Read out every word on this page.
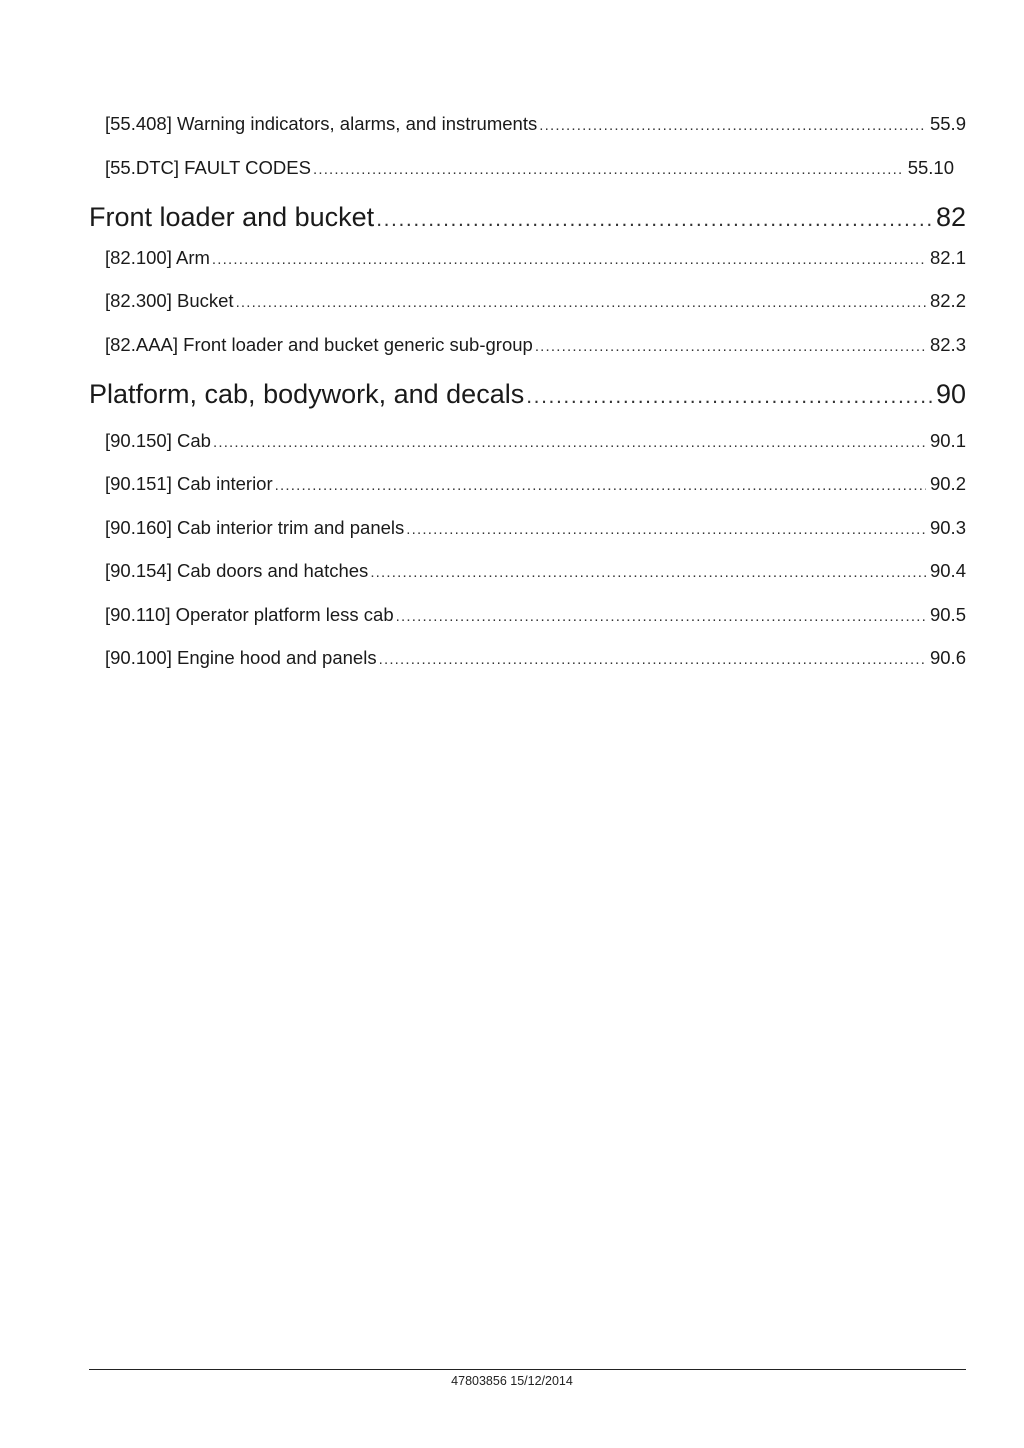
[55.408] Warning indicators, alarms, and instruments .....	55.9
[55.DTC] FAULT CODES .....	55.10
Front loader and bucket .....	82
[82.100] Arm .....	82.1
[82.300] Bucket .....	82.2
[82.AAA] Front loader and bucket generic sub-group .....	82.3
Platform, cab, bodywork, and decals .....	90
[90.150] Cab .....	90.1
[90.151] Cab interior .....	90.2
[90.160] Cab interior trim and panels .....	90.3
[90.154] Cab doors and hatches .....	90.4
[90.110] Operator platform less cab .....	90.5
[90.100] Engine hood and panels .....	90.6
47803856 15/12/2014
